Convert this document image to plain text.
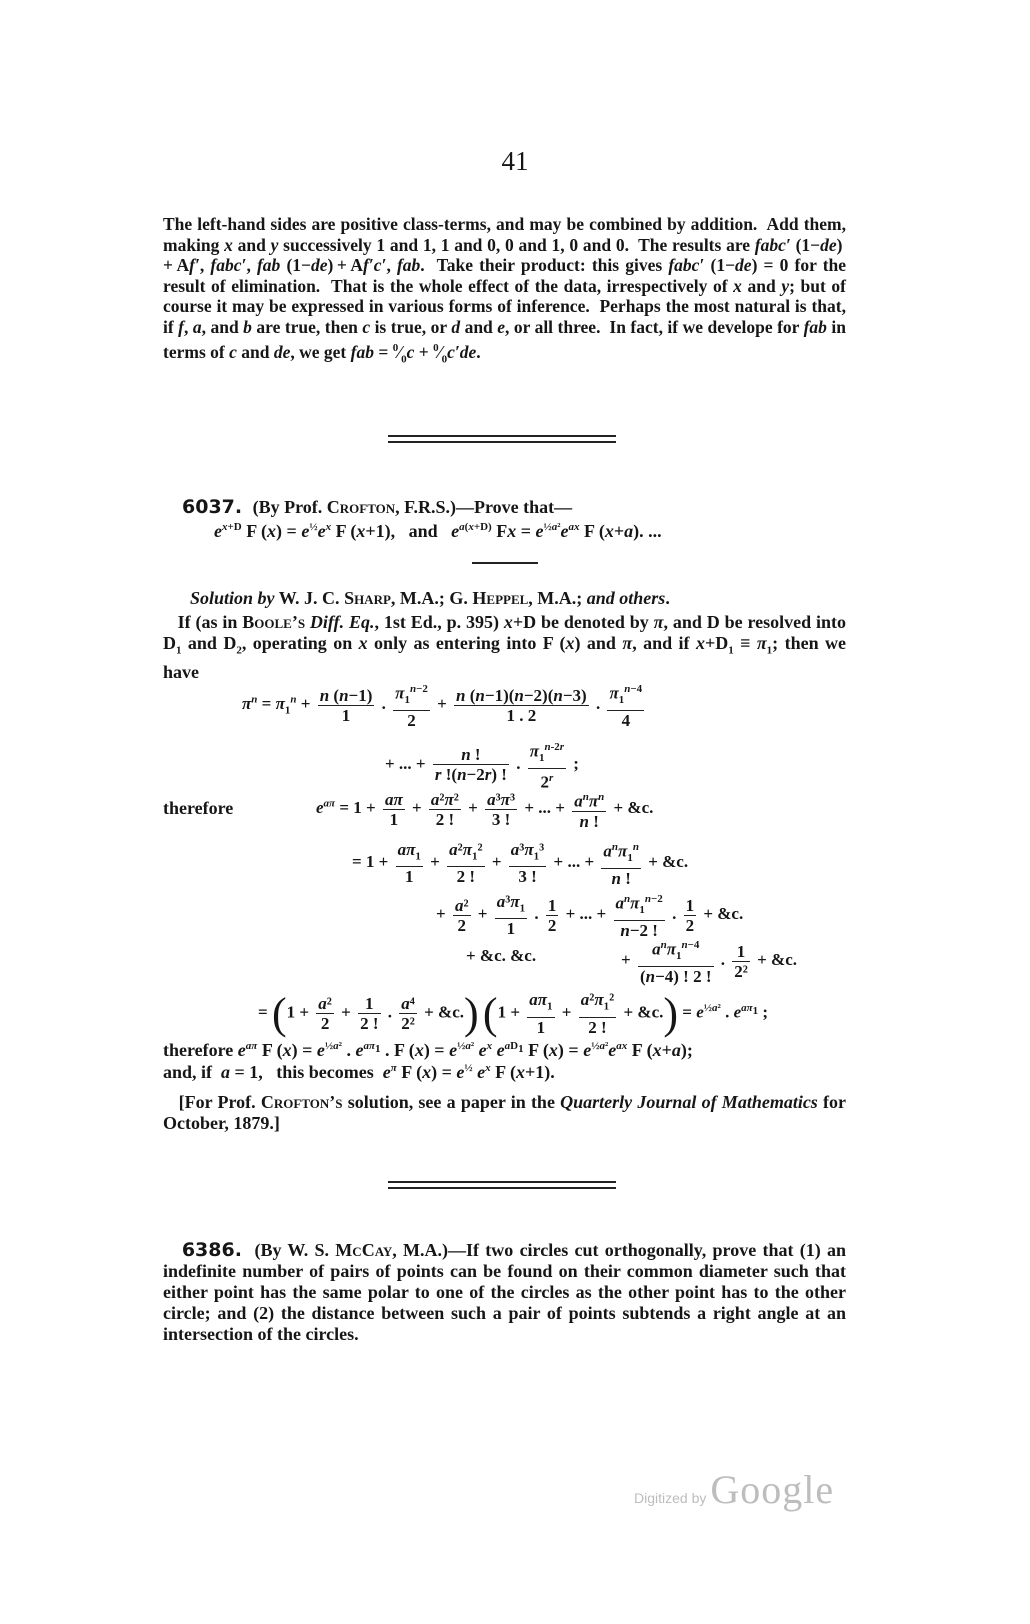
41
The left-hand sides are positive class-terms, and may be combined by addition.  Add them, making x and y successively 1 and 1, 1 and 0, 0 and 1, 0 and 0.  The results are fabc′ (1−de) + Af′, fabc′, fab (1−de) + Af′c′, fab.  Take their product: this gives fabc′ (1−de) = 0 for the result of elimination.  That is the whole effect of the data, irrespectively of x and y; but of course it may be expressed in various forms of inference.  Perhaps the most natural is that, if f, a, and b are true, then c is true, or d and e, or all three.  In fact, if we develope for fab in terms of c and de, we get fab = $^0⁄_0c$ + $^0⁄_0c'de$.
6037. (By Prof. Crofton, F.R.S.)—Prove that—
$e^{x+D}$ F $(x) = e^{\frac{1}{2}}e^x$ F (x+1),   and   $e^{a(x+D)}$ $Fx = e^{\frac{1}{2}a^2}e^{ax}$ F (x+a). ...
Solution by W. J. C. Sharp, M.A.; G. Heppel, M.A.; and others.
If (as in Boole’s Diff. Eq., 1st Ed., p. 395) x+D be denoted by π, and D be resolved into $D_1$ and $D_2$, operating on x only as entering into F (x) and π, and if $x+D_1 \equiv \pi_1$; then we have
$\pi^n = \pi_1^n + \frac{n (n-1)}{1}$ . $\frac{\pi_1^{n-2}}{2} + \frac{n (n-1)(n-2)(n-3)}{1 . 2}$ . $\frac{\pi_1^{n-4}}{4}$
+ ... + $\frac{n !}{r !(n-2r) !}$ . $\frac{\pi_1^{n-2r}}{2^r}$ ;
therefore	$e^{a\pi} = 1 + \frac{a\pi}{1} + \frac{\text{a²π²}}{2 !} + \frac{\text{a³π³}}{3 !}$ + ... + $\frac{a^n\pi^n}{n !}$ + &c.
= $1 + \frac{a\pi_1}{1} + \frac{a^2\pi_1^2}{2 !} + \frac{a^3\pi_1^3}{3 !}$ + ... + $\frac{a^n\pi_1^n}{n !}$ + &c.
+ $\frac{\text{a²}}{2} + \frac{a^3\pi_1}{1}$ . $\frac{1}{2}$ + ... + $\frac{a^n\pi_1^{n-2}}{n-2 !}$ . $\frac{1}{2}$ + &c.
+ &c. &c.	+ $\frac{a^n\pi_1^{n-4}}{(n-4) ! 2 !}$ . $\frac{1}{\text{2²}}$ + &c.
= ($1 + \frac{\text{a²}}{2} + \frac{1}{2 !}$ . $\frac{\text{a⁴}}{\text{2²}}$ + &c.) ($1 + \frac{a\pi_1}{1} + \frac{a^2\pi_1^2}{2 !}$ + &c.) = $e^{\frac{1}{2}a^2}$ . $e^{a\pi_1}$ ;
therefore $e^{a\pi}$ F $(x) = e^{\frac{1}{2}a^2}$ . $e^{a\pi_1}$ . F $(x) = e^{\frac{1}{2}a^2}$ $e^x$ $e^{aD_1}$ F $(x) = e^{\frac{1}{2}a^2}e^{ax}$ F (x+a);
and, if  a = 1,   this becomes  $e^\pi$ F $(x) = e^{\frac{1}{2}}$ $e^x$ F (x+1).
[For Prof. Crofton’s solution, see a paper in the Quarterly Journal of Mathematics for October, 1879.]
6386.  (By W. S. McCay, M.A.)—If two circles cut orthogonally, prove that (1) an indefinite number of pairs of points can be found on their common diameter such that either point has the same polar to one of the circles as the other point has to the other circle; and (2) the distance between such a pair of points subtends a right angle at an intersection of the circles.
Digitized by Google
